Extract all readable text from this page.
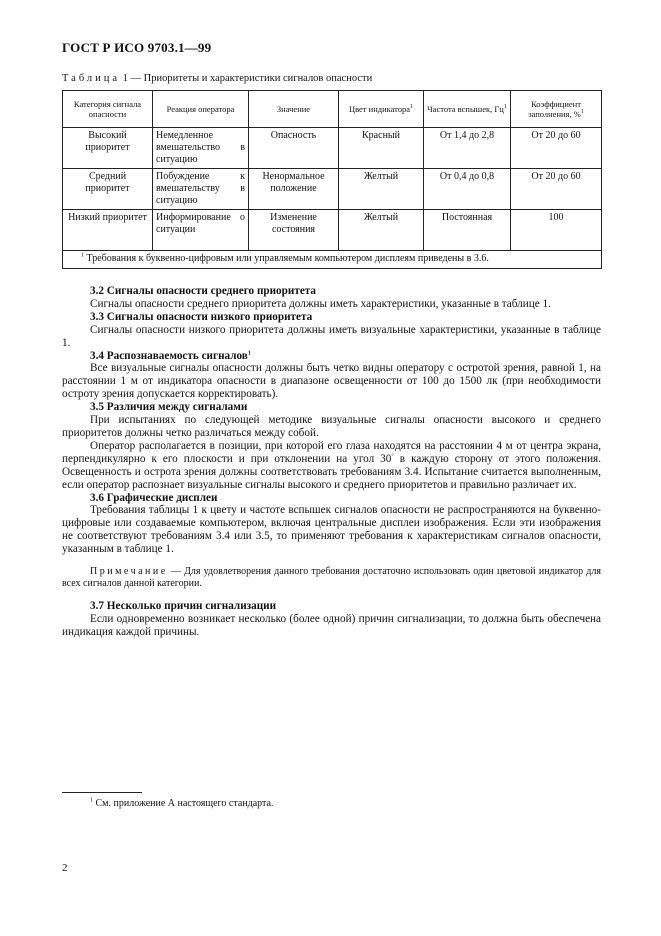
ГОСТ Р ИСО 9703.1—99
Таблица 1 — Приоритеты и характеристики сигналов опасности
Категория сигнала опасности	Реакция оператора	Значение	Цвет индикатора$^1$	Частота вспышек, $Гц^1$	Коэффициент заполнения, %$^1$
Высокий приоритет	Немедленное вмешательство в ситуацию	Опасность	Красный	От 1,4 до 2,8	От 20 до 60
Средний приоритет	Побуждение к вмешательству в ситуацию	Ненормальное положение	Желтый	От 0,4 до 0,8	От 20 до 60
Низкий приоритет	Информирование о ситуации	Изменение состояния	Желтый	Постоянная	100
$^1$ Требования к буквенно-цифровым или управляемым компьютером дисплеям приведены в 3.6.					
3.2 Сигналы опасности среднего приоритета

Сигналы опасности среднего приоритета должны иметь характеристики, указанные в таблице 1.

3.3 Сигналы опасности низкого приоритета

Сигналы опасности низкого приоритета должны иметь визуальные характеристики, указанные в таблице 1.

3.4 Распознаваемость сигналов$^1$

Все визуальные сигналы опасности должны быть четко видны оператору с остротой зрения, равной 1, на расстоянии 1 м от индикатора опасности в диапазоне освещенности от 100 до 1500 лк (при необходимости остроту зрения допускается корректировать).

3.5 Различия между сигналами

При испытаниях по следующей методике визуальные сигналы опасности высокого и среднего приоритетов должны четко различаться между собой.

Оператор располагается в позиции, при которой его глаза находятся на расстоянии 4 м от центра экрана, перпендикулярно к его плоскости и при отклонении на угол 30° в каждую сторону от этого положения. Освещенность и острота зрения должны соответствовать требованиям 3.4. Испытание считается выполненным, если оператор распознает визуальные сигналы высокого и среднего приоритетов и правильно различает их.

3.6 Графические дисплеи

Требования таблицы 1 к цвету и частоте вспышек сигналов опасности не распространяются на буквенно-цифровые или создаваемые компьютером, включая центральные дисплеи изображения. Если эти изображения не соответствуют требованиям 3.4 или 3.5, то применяют требования к характеристикам сигналов опасности, указанным в таблице 1.

Примечание — Для удовлетворения данного требования достаточно использовать один цветовой индикатор для всех сигналов данной категории.

3.7 Несколько причин сигнализации

Если одновременно возникает несколько (более одной) причин сигнализации, то должна быть обеспечена индикация каждой причины.

$^1$ См. приложение А настоящего стандарта.
2
